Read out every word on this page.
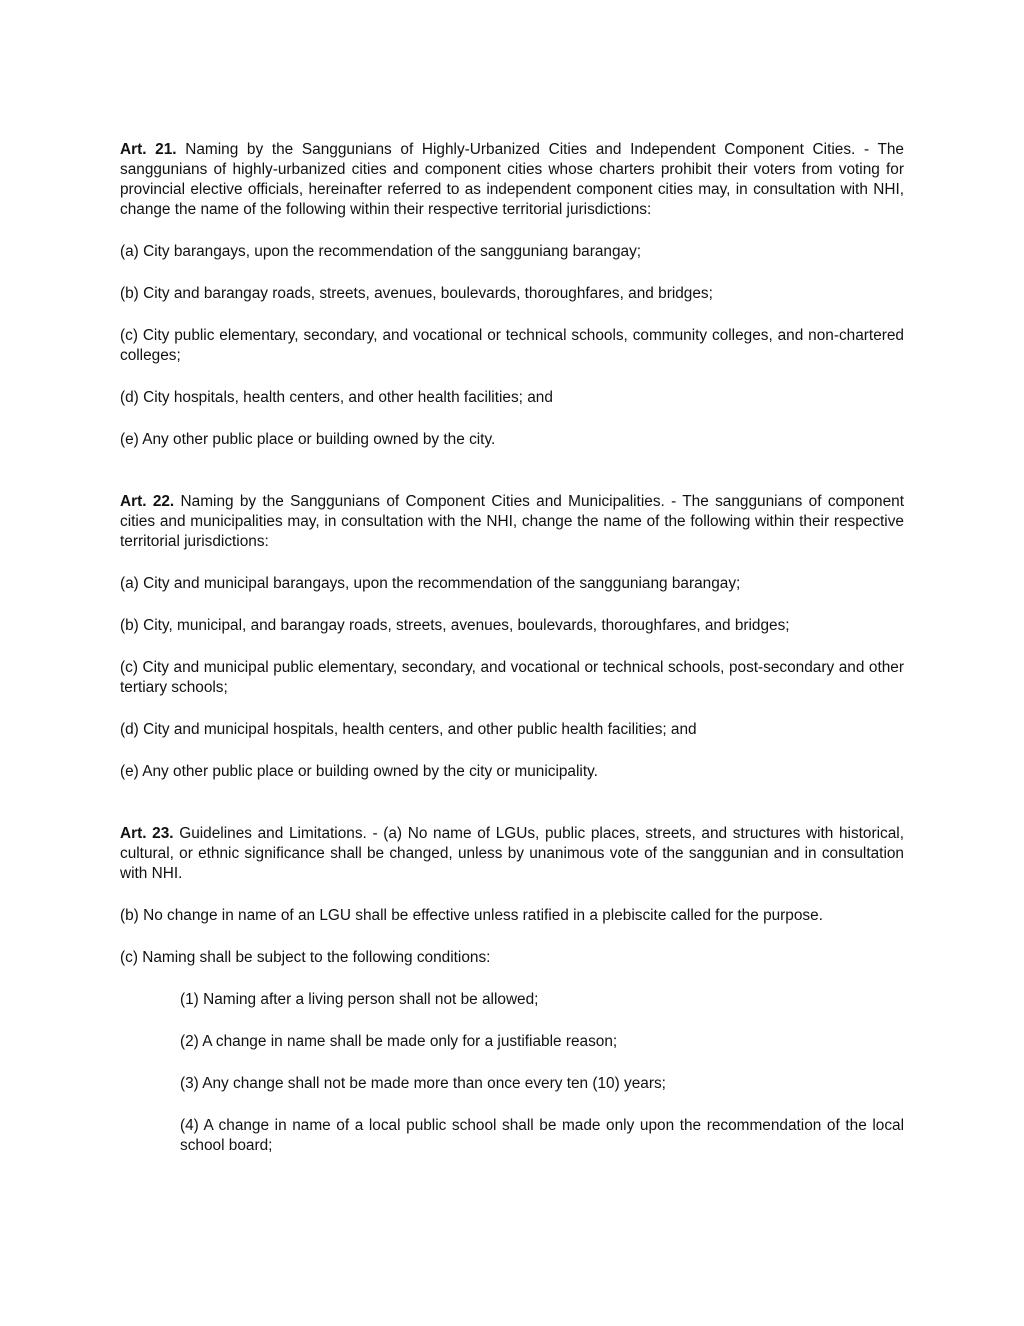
Art. 21. Naming by the Sanggunians of Highly-Urbanized Cities and Independent Component Cities. - The sanggunians of highly-urbanized cities and component cities whose charters prohibit their voters from voting for provincial elective officials, hereinafter referred to as independent component cities may, in consultation with NHI, change the name of the following within their respective territorial jurisdictions:

(a) City barangays, upon the recommendation of the sangguniang barangay;

(b) City and barangay roads, streets, avenues, boulevards, thoroughfares, and bridges;

(c) City public elementary, secondary, and vocational or technical schools, community colleges, and non-chartered colleges;

(d) City hospitals, health centers, and other health facilities; and

(e) Any other public place or building owned by the city.

Art. 22. Naming by the Sanggunians of Component Cities and Municipalities. - The sanggunians of component cities and municipalities may, in consultation with the NHI, change the name of the following within their respective territorial jurisdictions:

(a) City and municipal barangays, upon the recommendation of the sangguniang barangay;

(b) City, municipal, and barangay roads, streets, avenues, boulevards, thoroughfares, and bridges;

(c) City and municipal public elementary, secondary, and vocational or technical schools, post-secondary and other tertiary schools;

(d) City and municipal hospitals, health centers, and other public health facilities; and

(e) Any other public place or building owned by the city or municipality.

Art. 23. Guidelines and Limitations. - (a) No name of LGUs, public places, streets, and structures with historical, cultural, or ethnic significance shall be changed, unless by unanimous vote of the sanggunian and in consultation with NHI.

(b) No change in name of an LGU shall be effective unless ratified in a plebiscite called for the purpose.

(c) Naming shall be subject to the following conditions:

(1) Naming after a living person shall not be allowed;

(2) A change in name shall be made only for a justifiable reason;

(3) Any change shall not be made more than once every ten (10) years;

(4) A change in name of a local public school shall be made only upon the recommendation of the local school board;
